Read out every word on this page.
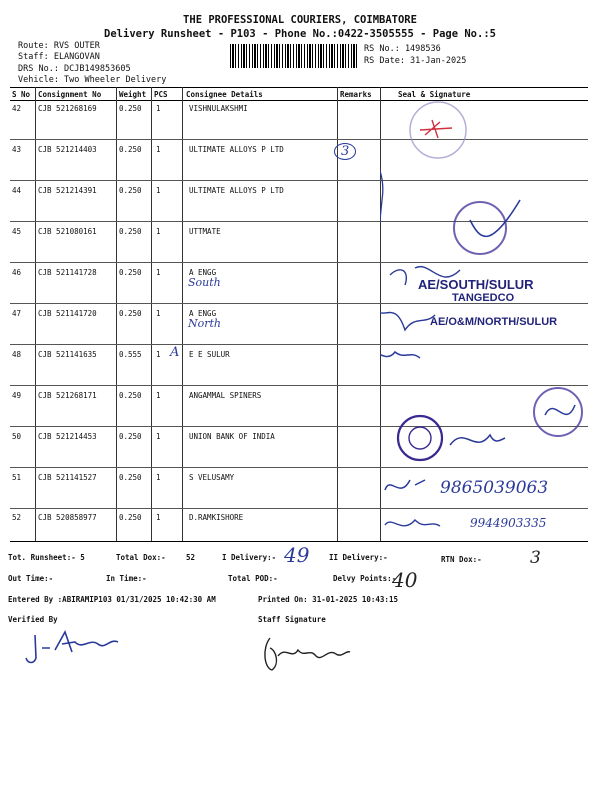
THE PROFESSIONAL COURIERS, COIMBATORE
Delivery Runsheet - P103 - Phone No.:0422-3505555 - Page No.:5
Route: RVS OUTER
Staff: ELANGOVAN
DRS No.: DCJB149853605
Vehicle: Two Wheeler Delivery
RS No.: 1498536
RS Date: 31-Jan-2025
S No Consignment No Weight PCS Consignee Details	Remarks	Seal & Signature
42 CJB 521268169	0.250 1	VISHNULAKSHMI
43 CJB 521214403	0.250 1	ULTIMATE ALLOYS P LTD
44 CJB 521214391	0.250 1	ULTIMATE ALLOYS P LTD
45 CJB 521080161	0.250 1	UTTMATE
46 CJB 521141728	0.250 1	A ENGG
South
47 CJB 521141720	0.250 1	A ENGG
North
48 CJB 521141635	0.555 1 A E E SULUR
49 CJB 521268171	0.250 1	ANGAMMAL SPINERS
50 CJB 521214453	0.250 1	UNION BANK OF INDIA
51 CJB 521141527	0.250 1	S VELUSAMY
52 CJB 520858977	0.250 1	D.RAMKISHORE
3
AE/SOUTH/SULUR
TANGEDCO
AE/O&M/NORTH/SULUR
9865039063
9944903335
Tot. Runsheet:- 5	Total Dox:-	52	I Delivery:- 49	II Delivery:-	RTN Dox:-	3
Out Time:-	In Time:-	Total POD:-	Delvy Points:-
40
Entered By :ABIRAMIP103 01/31/2025 10:42:30 AM	Printed On: 31-01-2025 10:43:15
Verified By	Staff Signature
